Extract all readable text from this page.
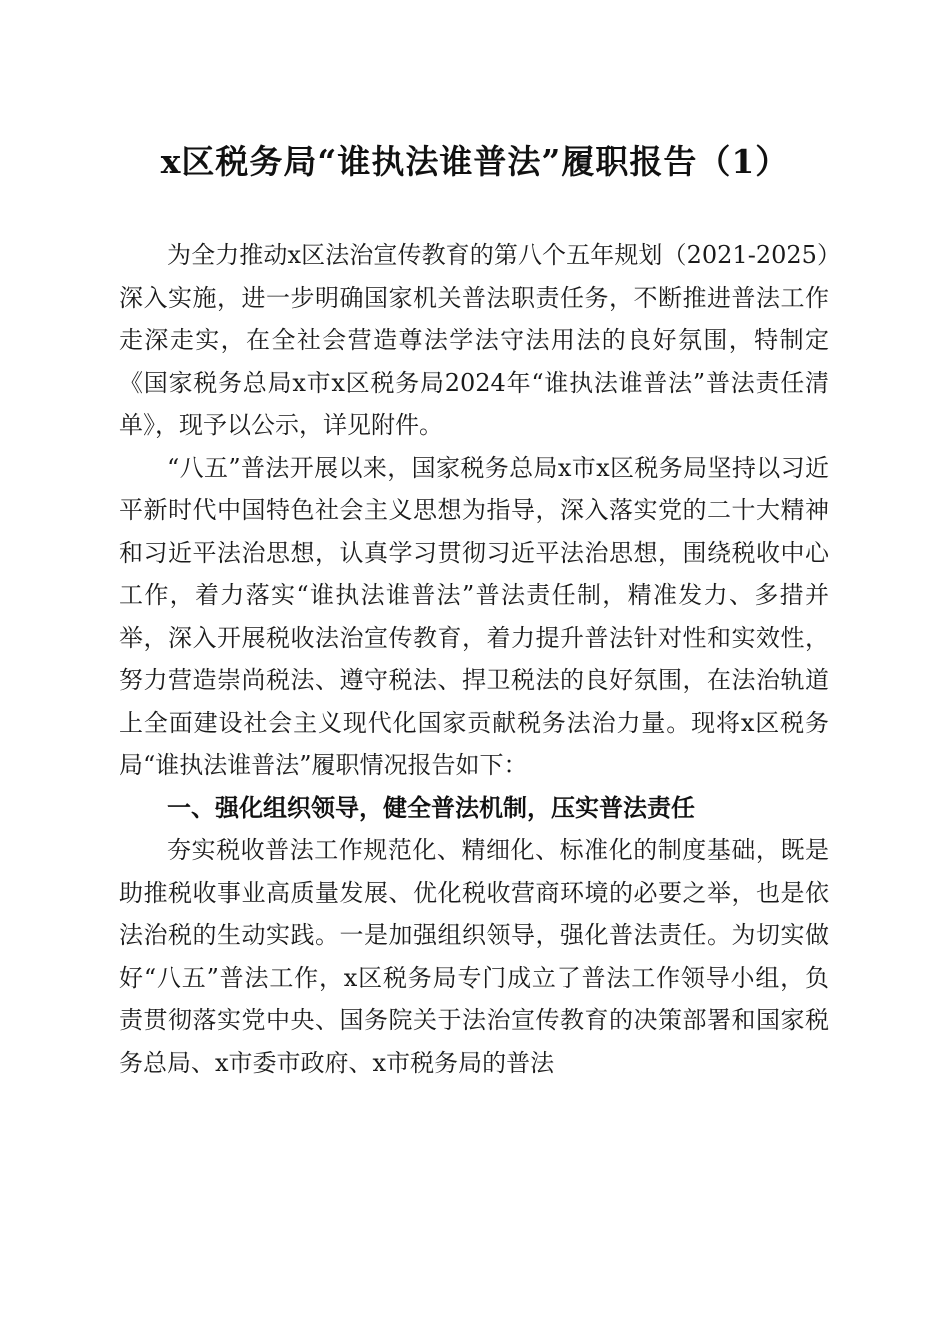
x区税务局“谁执法谁普法”履职报告（1）

为全力推动x区法治宣传教育的第八个五年规划（2021-2025）深入实施，进一步明确国家机关普法职责任务，不断推进普法工作走深走实，在全社会营造尊法学法守法用法的良好氛围，特制定《国家税务总局x市x区税务局2024年“谁执法谁普法”普法责任清单》，现予以公示，详见附件。

“八五”普法开展以来，国家税务总局x市x区税务局坚持以习近平新时代中国特色社会主义思想为指导，深入落实党的二十大精神和习近平法治思想，认真学习贯彻习近平法治思想，围绕税收中心工作，着力落实“谁执法谁普法”普法责任制，精准发力、多措并举，深入开展税收法治宣传教育，着力提升普法针对性和实效性，努力营造崇尚税法、遵守税法、捍卫税法的良好氛围，在法治轨道上全面建设社会主义现代化国家贡献税务法治力量。现将x区税务局“谁执法谁普法”履职情况报告如下：

一、强化组织领导，健全普法机制，压实普法责任

夯实税收普法工作规范化、精细化、标准化的制度基础，既是助推税收事业高质量发展、优化税收营商环境的必要之举，也是依法治税的生动实践。一是加强组织领导，强化普法责任。为切实做好“八五”普法工作，x区税务局专门成立了普法工作领导小组，负责贯彻落实党中央、国务院关于法治宣传教育的决策部署和国家税务总局、x市委市政府、x市税务局的普法
